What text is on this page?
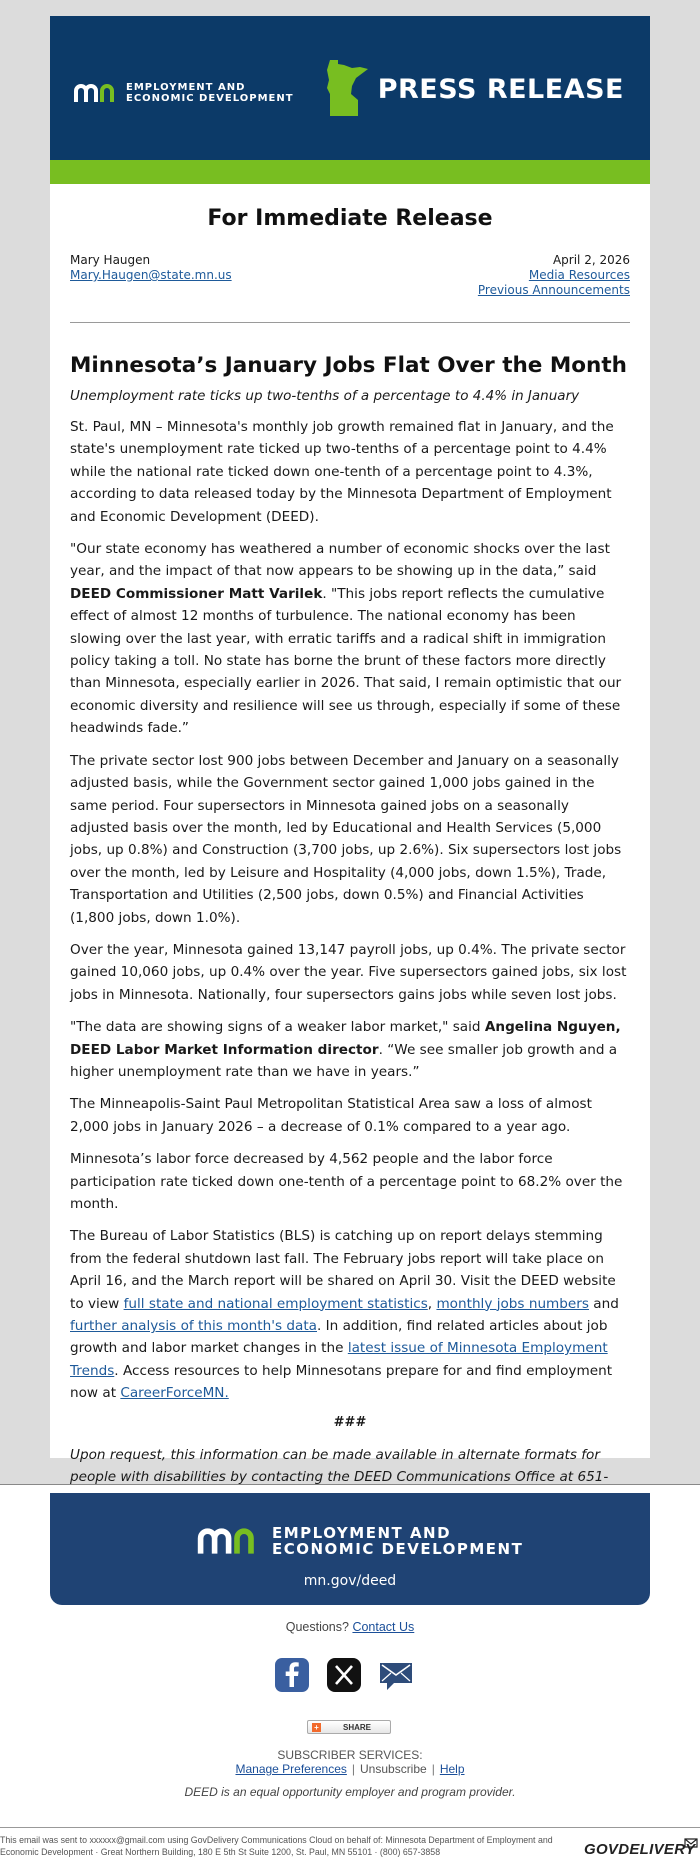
EMPLOYMENT AND
ECONOMIC DEVELOPMENT	PRESS RELEASE
For Immediate Release
Mary Haugen
Mary.Haugen@state.mn.us
April 2, 2026
Media Resources
Previous Announcements
Minnesota’s January Jobs Flat Over the Month
Unemployment rate ticks up two-tenths of a percentage to 4.4% in January

St. Paul, MN – Minnesota's monthly job growth remained flat in January, and the state's unemployment rate ticked up two-tenths of a percentage point to 4.4% while the national rate ticked down one-tenth of a percentage point to 4.3%, according to data released today by the Minnesota Department of Employment and Economic Development (DEED).

"Our state economy has weathered a number of economic shocks over the last year, and the impact of that now appears to be showing up in the data,” said DEED Commissioner Matt Varilek. "This jobs report reflects the cumulative effect of almost 12 months of turbulence. The national economy has been slowing over the last year, with erratic tariffs and a radical shift in immigration policy taking a toll. No state has borne the brunt of these factors more directly than Minnesota, especially earlier in 2026. That said, I remain optimistic that our economic diversity and resilience will see us through, especially if some of these headwinds fade.”

The private sector lost 900 jobs between December and January on a seasonally adjusted basis, while the Government sector gained 1,000 jobs gained in the same period. Four supersectors in Minnesota gained jobs on a seasonally adjusted basis over the month, led by Educational and Health Services (5,000 jobs, up 0.8%) and Construction (3,700 jobs, up 2.6%). Six supersectors lost jobs over the month, led by Leisure and Hospitality (4,000 jobs, down 1.5%), Trade, Transportation and Utilities (2,500 jobs, down 0.5%) and Financial Activities (1,800 jobs, down 1.0%).

Over the year, Minnesota gained 13,147 payroll jobs, up 0.4%. The private sector gained 10,060 jobs, up 0.4% over the year. Five supersectors gained jobs, six lost jobs in Minnesota. Nationally, four supersectors gains jobs while seven lost jobs.

"The data are showing signs of a weaker labor market," said Angelina Nguyen, DEED Labor Market Information director. “We see smaller job growth and a higher unemployment rate than we have in years.”

The Minneapolis-Saint Paul Metropolitan Statistical Area saw a loss of almost 2,000 jobs in January 2026 – a decrease of 0.1% compared to a year ago.

Minnesota’s labor force decreased by 4,562 people and the labor force participation rate ticked down one-tenth of a percentage point to 68.2% over the month.

The Bureau of Labor Statistics (BLS) is catching up on report delays stemming from the federal shutdown last fall. The February jobs report will take place on April 16, and the March report will be shared on April 30. Visit the DEED website to view full state and national employment statistics, monthly jobs numbers and further analysis of this month's data. In addition, find related articles about job growth and labor market changes in the latest issue of Minnesota Employment Trends. Access resources to help Minnesotans prepare for and find employment now at CareerForceMN.

###

Upon request, this information can be made available in alternate formats for people with disabilities by contacting the DEED Communications Office at 651-

EMPLOYMENT AND
ECONOMIC DEVELOPMENT
mn.gov/deed
Questions? Contact Us
+	SHARE
SUBSCRIBER SERVICES:
Manage Preferences | Unsubscribe | Help
DEED is an equal opportunity employer and program provider.
This email was sent to xxxxxx@gmail.com using GovDelivery Communications Cloud on behalf of: Minnesota Department of Employment and Economic Development · Great Northern Building, 180 E 5th St Suite 1200, St. Paul, MN 55101 · (800) 657-3858	GOVDELIVERY
